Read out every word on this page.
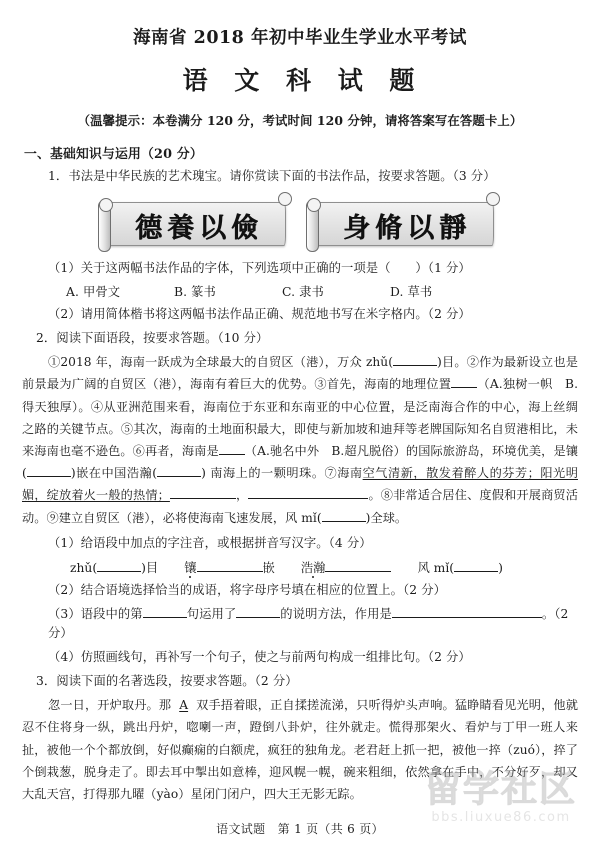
海南省 2018 年初中毕业生学业水平考试
语 文 科 试 题
（温馨提示：本卷满分 120 分，考试时间 120 分钟，请将答案写在答题卡上）
一、基础知识与运用（20 分）
1．书法是中华民族的艺术瑰宝。请你赏读下面的书法作品，按要求答题。（3 分）
德養以儉	身脩以靜
（1）关于这两幅书法作品的字体，下列选项中正确的一项是（　　）（1 分）
A. 甲骨文	B. 篆书	C. 隶书	D. 草书
（2）请用简体楷书将这两幅书法作品正确、规范地书写在米字格内。（2 分）
2．阅读下面语段，按要求答题。（10 分）
①2018 年，海南一跃成为全球最大的自贸区（港），万众 zhǔ(	)目。②作为最新设立也是前景最为广阔的自贸区（港），海南有着巨大的优势。③首先，海南的地理位置 （A.独树一帜　B.得天独厚）。④从亚洲范围来看，海南位于东亚和东南亚的中心位置，是泛南海合作的中心，海上丝绸之路的关键节点。⑤其次，海南的土地面积最大，即使与新加坡和迪拜等老牌国际知名自贸港相比，未来海南也毫不逊色。⑥再者，海南是 （A.驰名中外　B.超凡脱俗）的国际旅游岛，环境优美，是镶(	)嵌在中国浩瀚(	) 南海上的一颗明珠。⑦海南空气清新，散发着醉人的芬芳；阳光明媚，绽放着火一般的热情；	，	。⑧非常适合居住、度假和开展商贸活动。⑨建立自贸区（港），必将使海南飞速发展，风 mǐ(	)全球。
（1）给语段中加点的字注音，或根据拼音写汉字。（4 分）
zhǔ(	)目 镶	嵌 浩瀚	风 mǐ(	)
（2）结合语境选择恰当的成语，将字母序号填在相应的位置上。（2 分）
（3）语段中的第	句运用了	的说明方法，作用是	。（2 分）
（4）仿照画线句，再补写一个句子，使之与前两句构成一组排比句。（2 分）
3．阅读下面的名著选段，按要求答题。（2 分）
忽一日，开炉取丹。那 A 双手捂着眼，正自揉搓流涕，只听得炉头声响。猛睁睛看见光明，他就忍不住将身一纵，跳出丹炉，唿喇一声，蹬倒八卦炉，往外就走。慌得那架火、看炉与丁甲一班人来扯，被他一个个都放倒，好似癫痫的白额虎，疯狂的独角龙。老君赶上抓一把，被他一捽（zuó），捽了个倒栽葱，脱身走了。即去耳中掣出如意棒，迎风幌一幌，碗来粗细，依然拿在手中，不分好歹，却又大乱天宫，打得那九曜（yào）星闭门闭户，四大王无影无踪。	留学社区
bbs.liuxue86.com
语文试题　第 1 页（共 6 页）
